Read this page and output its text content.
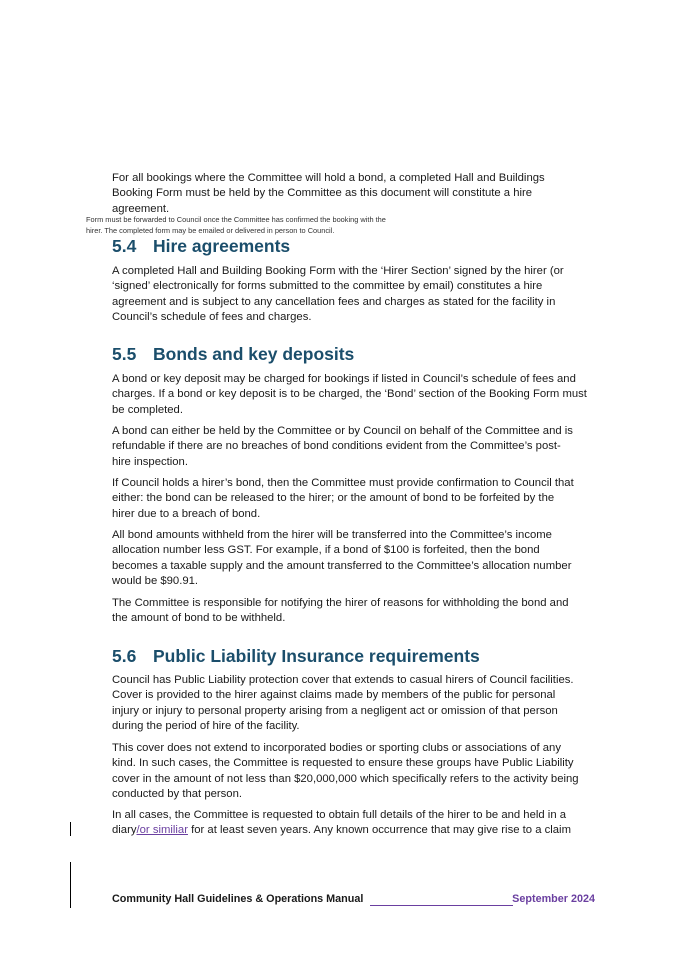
For all bookings where the Committee will hold a bond, a completed Hall and Buildings
Booking Form must be held by the Committee as this document will constitute a hire
agreement.

Form must be forwarded to Council once the Committee has confirmed the booking with the
hirer. The completed form may be emailed or delivered in person to Council.

5.4 Hire agreements

A completed Hall and Building Booking Form with the ‘Hirer Section’ signed by the hirer (or
‘signed’ electronically for forms submitted to the committee by email) constitutes a hire
agreement and is subject to any cancellation fees and charges as stated for the facility in
Council’s schedule of fees and charges.

5.5 Bonds and key deposits

A bond or key deposit may be charged for bookings if listed in Council’s schedule of fees and
charges. If a bond or key deposit is to be charged, the ‘Bond’ section of the Booking Form must
be completed.

A bond can either be held by the Committee or by Council on behalf of the Committee and is
refundable if there are no breaches of bond conditions evident from the Committee’s post-
hire inspection.

If Council holds a hirer’s bond, then the Committee must provide confirmation to Council that
either: the bond can be released to the hirer; or the amount of bond to be forfeited by the
hirer due to a breach of bond.

All bond amounts withheld from the hirer will be transferred into the Committee’s income
allocation number less GST. For example, if a bond of $100 is forfeited, then the bond
becomes a taxable supply and the amount transferred to the Committee’s allocation number
would be $90.91.

The Committee is responsible for notifying the hirer of reasons for withholding the bond and
the amount of bond to be withheld.

5.6 Public Liability Insurance requirements

Council has Public Liability protection cover that extends to casual hirers of Council facilities.
Cover is provided to the hirer against claims made by members of the public for personal
injury or injury to personal property arising from a negligent act or omission of that person
during the period of hire of the facility.

This cover does not extend to incorporated bodies or sporting clubs or associations of any
kind. In such cases, the Committee is requested to ensure these groups have Public Liability
cover in the amount of not less than $20,000,000 which specifically refers to the activity being
conducted by that person.

In all cases, the Committee is requested to obtain full details of the hirer to be and held in a
diary/or similiar for at least seven years. Any known occurrence that may give rise to a claim

Community Hall Guidelines & Operations Manual	September 2024
